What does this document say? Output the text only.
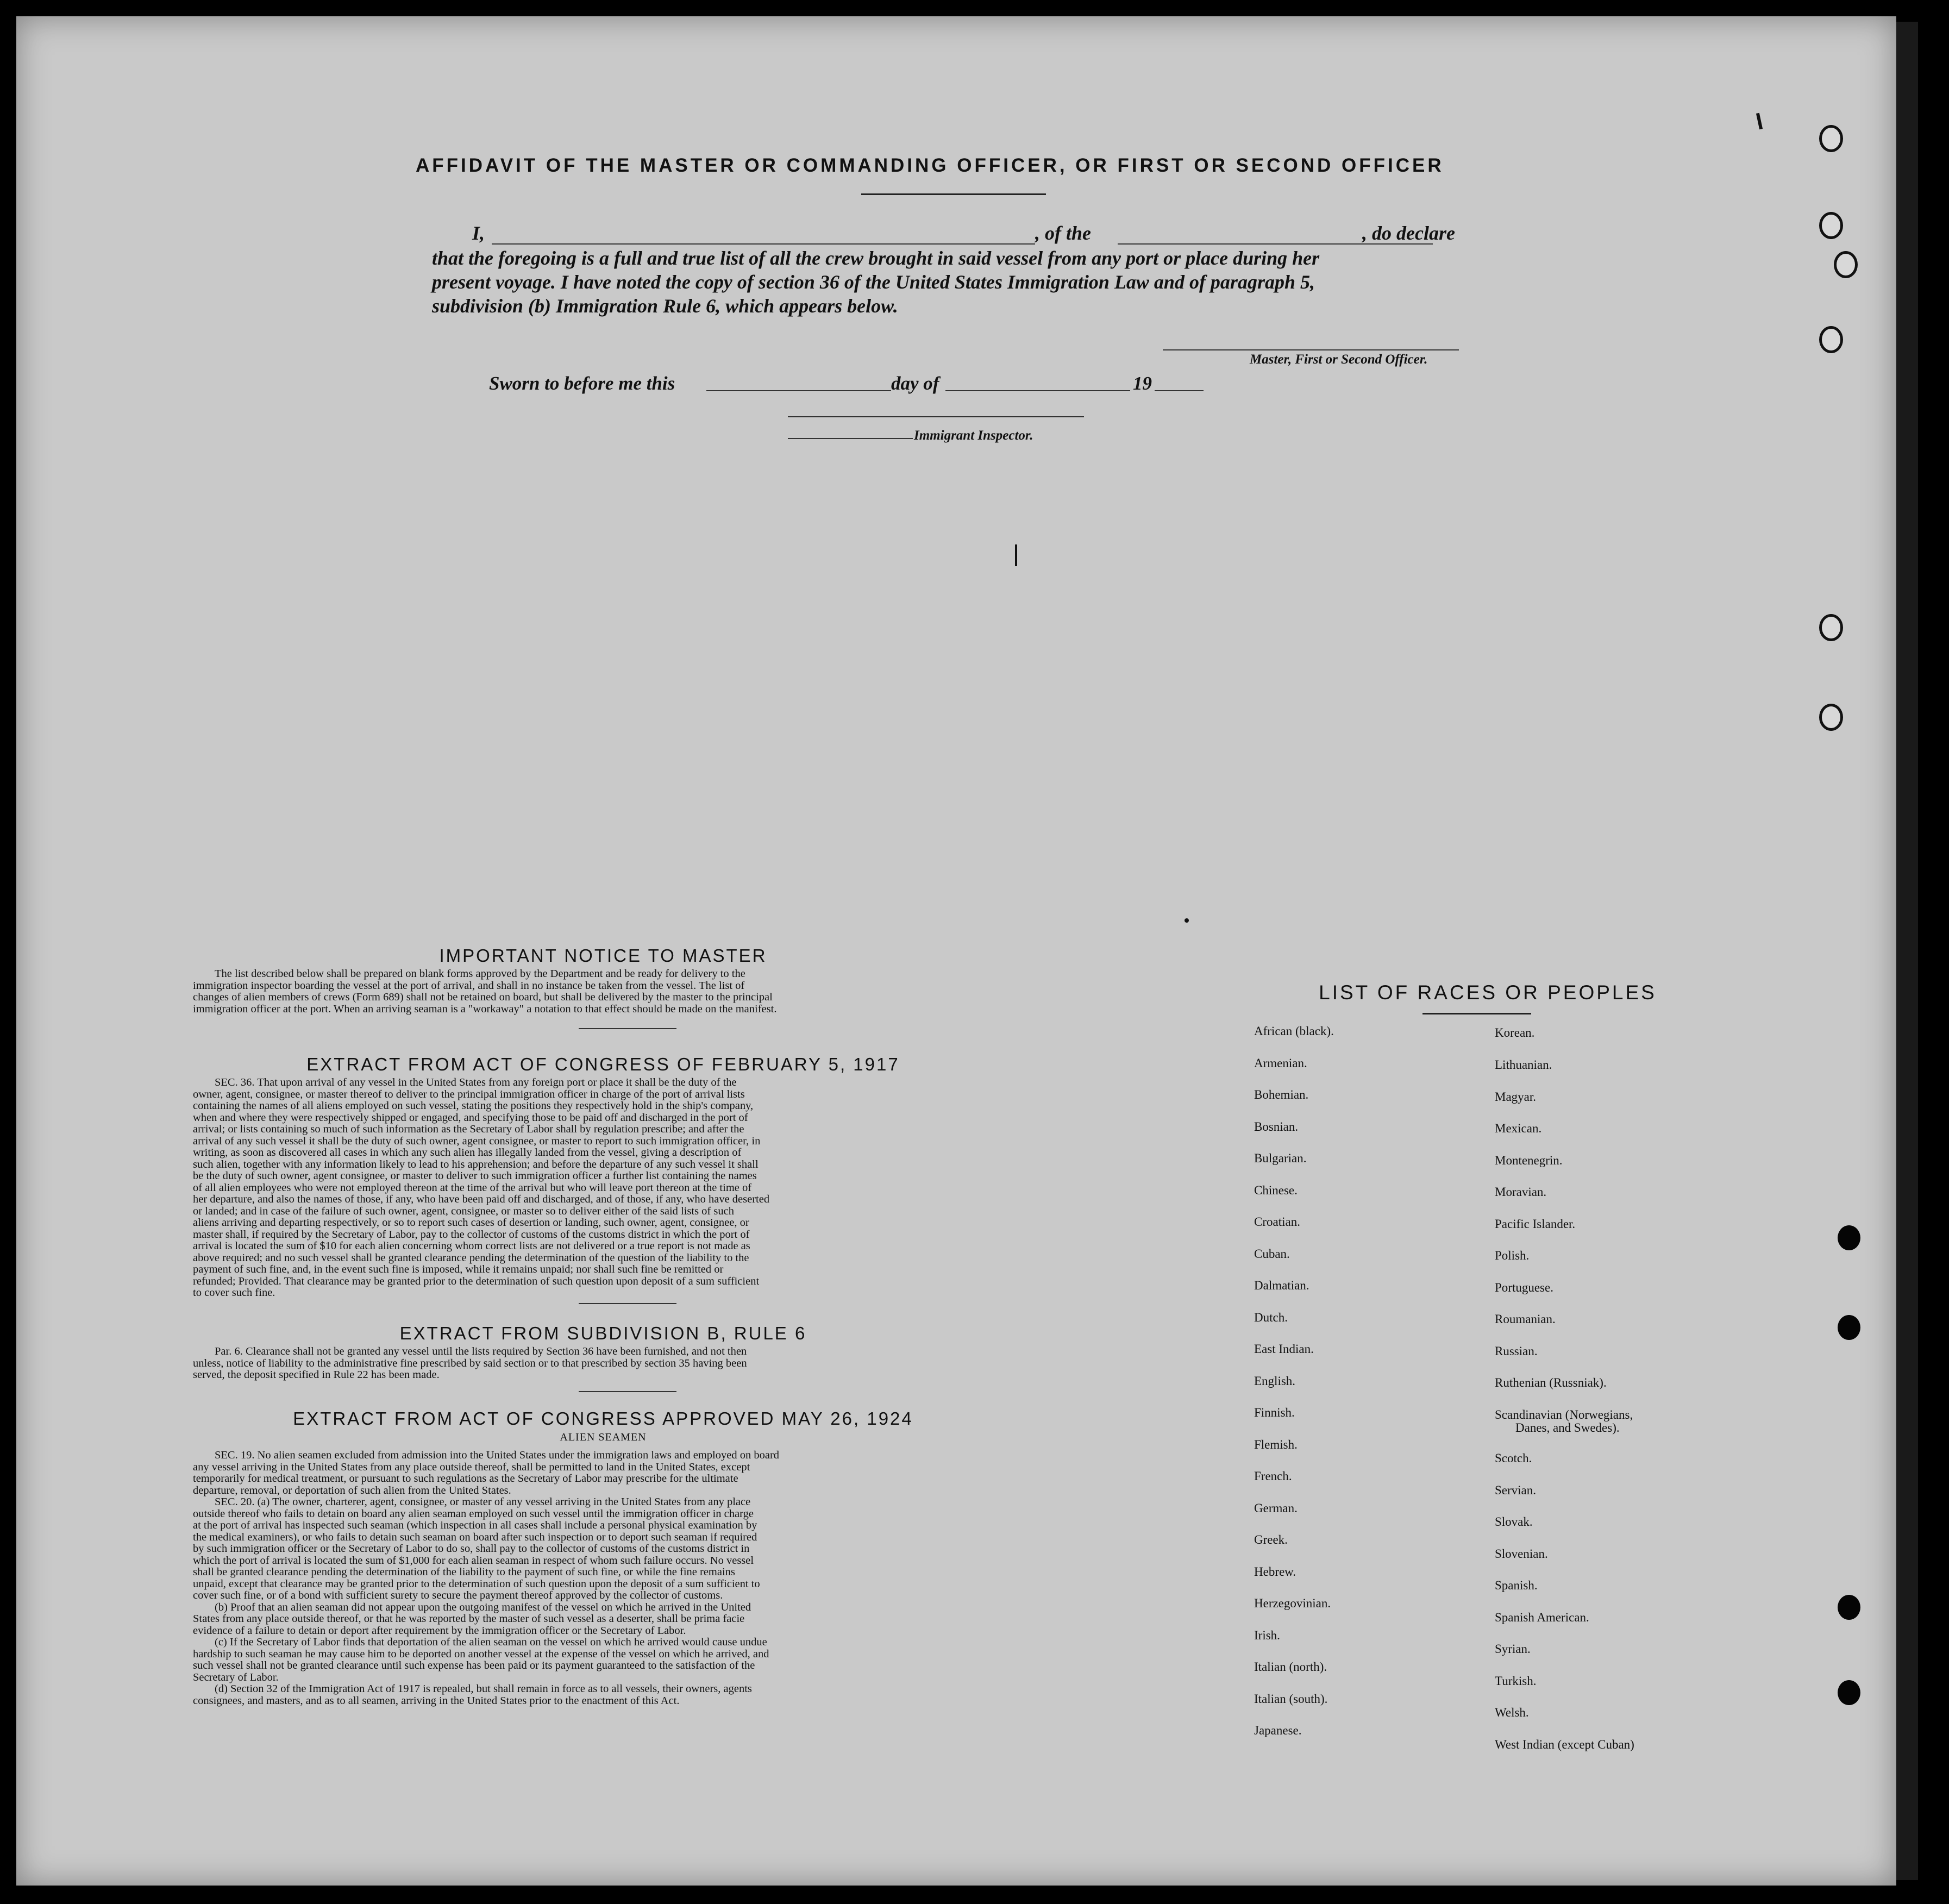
AFFIDAVIT OF THE MASTER OR COMMANDING OFFICER, OR FIRST OR SECOND OFFICER
I,	, of the	, do declare
that the foregoing is a full and true list of all the crew brought in said vessel from any port or place during her
present voyage. I have noted the copy of section 36 of the United States Immigration Law and of paragraph 5,
subdivision (b) Immigration Rule 6, which appears below.
Master, First or Second Officer.
Sworn to before me this	day of	19
Immigrant Inspector.
IMPORTANT NOTICE TO MASTER
The list described below shall be prepared on blank forms approved by the Department and be ready for delivery to the
immigration inspector boarding the vessel at the port of arrival, and shall in no instance be taken from the vessel. The list of
changes of alien members of crews (Form 689) shall not be retained on board, but shall be delivered by the master to the principal
immigration officer at the port. When an arriving seaman is a "workaway" a notation to that effect should be made on the manifest.
EXTRACT FROM ACT OF CONGRESS OF FEBRUARY 5, 1917
SEC. 36. That upon arrival of any vessel in the United States from any foreign port or place it shall be the duty of the
owner, agent, consignee, or master thereof to deliver to the principal immigration officer in charge of the port of arrival lists
containing the names of all aliens employed on such vessel, stating the positions they respectively hold in the ship's company,
when and where they were respectively shipped or engaged, and specifying those to be paid off and discharged in the port of
arrival; or lists containing so much of such information as the Secretary of Labor shall by regulation prescribe; and after the
arrival of any such vessel it shall be the duty of such owner, agent consignee, or master to report to such immigration officer, in
writing, as soon as discovered all cases in which any such alien has illegally landed from the vessel, giving a description of
such alien, together with any information likely to lead to his apprehension; and before the departure of any such vessel it shall
be the duty of such owner, agent consignee, or master to deliver to such immigration officer a further list containing the names
of all alien employees who were not employed thereon at the time of the arrival but who will leave port thereon at the time of
her departure, and also the names of those, if any, who have been paid off and discharged, and of those, if any, who have deserted
or landed; and in case of the failure of such owner, agent, consignee, or master so to deliver either of the said lists of such
aliens arriving and departing respectively, or so to report such cases of desertion or landing, such owner, agent, consignee, or
master shall, if required by the Secretary of Labor, pay to the collector of customs of the customs district in which the port of
arrival is located the sum of $10 for each alien concerning whom correct lists are not delivered or a true report is not made as
above required; and no such vessel shall be granted clearance pending the determination of the question of the liability to the
payment of such fine, and, in the event such fine is imposed, while it remains unpaid; nor shall such fine be remitted or
refunded; Provided. That clearance may be granted prior to the determination of such question upon deposit of a sum sufficient
to cover such fine.
EXTRACT FROM SUBDIVISION B, RULE 6
Par. 6. Clearance shall not be granted any vessel until the lists required by Section 36 have been furnished, and not then
unless, notice of liability to the administrative fine prescribed by said section or to that prescribed by section 35 having been
served, the deposit specified in Rule 22 has been made.
EXTRACT FROM ACT OF CONGRESS APPROVED MAY 26, 1924
ALIEN SEAMEN
SEC. 19. No alien seamen excluded from admission into the United States under the immigration laws and employed on board
any vessel arriving in the United States from any place outside thereof, shall be permitted to land in the United States, except
temporarily for medical treatment, or pursuant to such regulations as the Secretary of Labor may prescribe for the ultimate
departure, removal, or deportation of such alien from the United States.
SEC. 20. (a) The owner, charterer, agent, consignee, or master of any vessel arriving in the United States from any place
outside thereof who fails to detain on board any alien seaman employed on such vessel until the immigration officer in charge
at the port of arrival has inspected such seaman (which inspection in all cases shall include a personal physical examination by
the medical examiners), or who fails to detain such seaman on board after such inspection or to deport such seaman if required
by such immigration officer or the Secretary of Labor to do so, shall pay to the collector of customs of the customs district in
which the port of arrival is located the sum of $1,000 for each alien seaman in respect of whom such failure occurs. No vessel
shall be granted clearance pending the determination of the liability to the payment of such fine, or while the fine remains
unpaid, except that clearance may be granted prior to the determination of such question upon the deposit of a sum sufficient to
cover such fine, or of a bond with sufficient surety to secure the payment thereof approved by the collector of customs.
(b) Proof that an alien seaman did not appear upon the outgoing manifest of the vessel on which he arrived in the United
States from any place outside thereof, or that he was reported by the master of such vessel as a deserter, shall be prima facie
evidence of a failure to detain or deport after requirement by the immigration officer or the Secretary of Labor.
(c) If the Secretary of Labor finds that deportation of the alien seaman on the vessel on which he arrived would cause undue
hardship to such seaman he may cause him to be deported on another vessel at the expense of the vessel on which he arrived, and
such vessel shall not be granted clearance until such expense has been paid or its payment guaranteed to the satisfaction of the
Secretary of Labor.
(d) Section 32 of the Immigration Act of 1917 is repealed, but shall remain in force as to all vessels, their owners, agents
consignees, and masters, and as to all seamen, arriving in the United States prior to the enactment of this Act.
LIST OF RACES OR PEOPLES
African (black).
Armenian.
Bohemian.
Bosnian.
Bulgarian.
Chinese.
Croatian.
Cuban.
Dalmatian.
Dutch.
East Indian.
English.
Finnish.
Flemish.
French.
German.
Greek.
Hebrew.
Herzegovinian.
Irish.
Italian (north).
Italian (south).
Japanese.
Korean.
Lithuanian.
Magyar.
Mexican.
Montenegrin.
Moravian.
Pacific Islander.
Polish.
Portuguese.
Roumanian.
Russian.
Ruthenian (Russniak).
Scandinavian (Norwegians,
Danes, and Swedes).
Scotch.
Servian.
Slovak.
Slovenian.
Spanish.
Spanish American.
Syrian.
Turkish.
Welsh.
West Indian (except Cuban)
